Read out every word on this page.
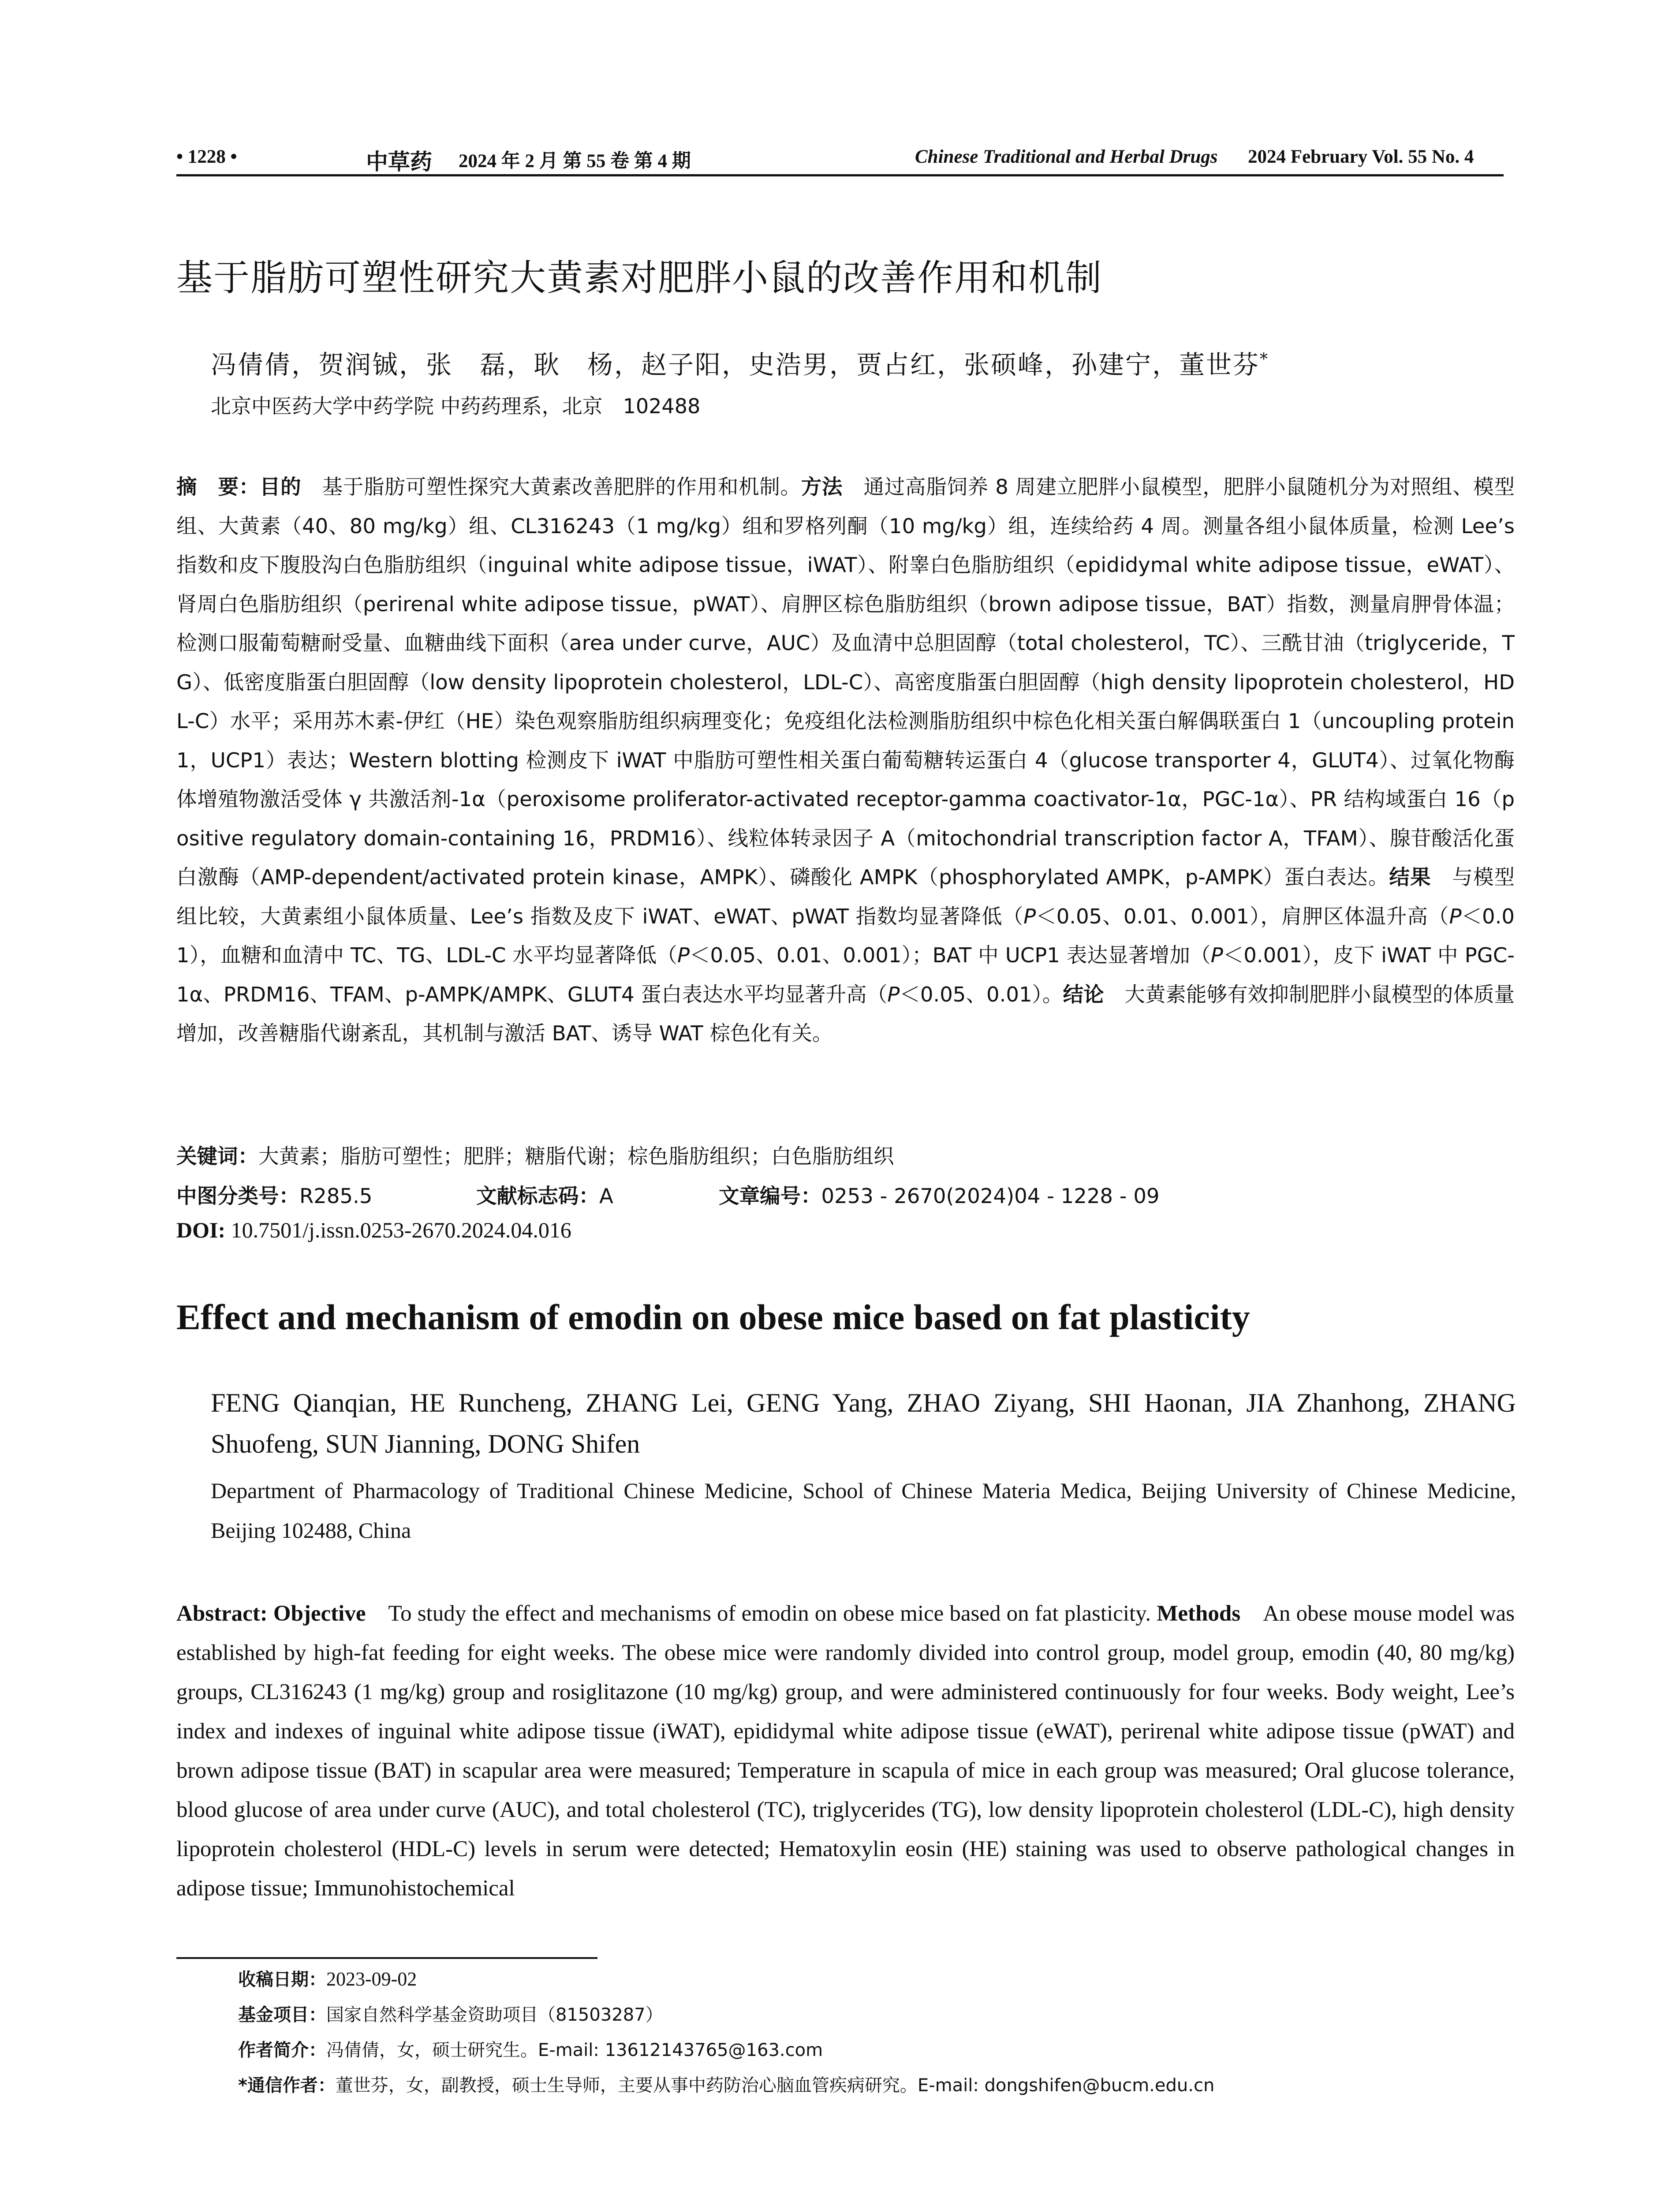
• 1228 •	中草药 2024 年 2 月 第 55 卷 第 4 期	Chinese Traditional and Herbal Drugs 2024 February Vol. 55 No. 4
基于脂肪可塑性研究大黄素对肥胖小鼠的改善作用和机制
冯倩倩，贺润铖，张　磊，耿　杨，赵子阳，史浩男，贾占红，张硕峰，孙建宁，董世芬*
北京中医药大学中药学院 中药药理系，北京　102488
摘　要：目的　 基于脂肪可塑性探究大黄素改善肥胖的作用和机制。方法　 通过高脂饲养 8 周建立肥胖小鼠模型，肥胖小鼠随机分为对照组、模型组、大黄素（40、80 mg/kg）组、CL316243（1 mg/kg）组和罗格列酮（10 mg/kg）组，连续给药 4 周。测量各组小鼠体质量，检测 Lee’s 指数和皮下腹股沟白色脂肪组织（inguinal white adipose tissue，iWAT）、附睾白色脂肪组织（epididymal white adipose tissue，eWAT）、肾周白色脂肪组织（perirenal white adipose tissue，pWAT）、肩胛区棕色脂肪组织（brown adipose tissue，BAT）指数，测量肩胛骨体温；检测口服葡萄糖耐受量、血糖曲线下面积（area under curve，AUC）及血清中总胆固醇（total cholesterol，TC）、三酰甘油（triglyceride，TG）、低密度脂蛋白胆固醇（low density lipoprotein cholesterol，LDL-C）、高密度脂蛋白胆固醇（high density lipoprotein cholesterol，HDL-C）水平；采用苏木素-伊红（HE）染色观察脂肪组织病理变化；免疫组化法检测脂肪组织中棕色化相关蛋白解偶联蛋白 1（uncoupling protein 1，UCP1）表达；Western blotting 检测皮下 iWAT 中脂肪可塑性相关蛋白葡萄糖转运蛋白 4（glucose transporter 4，GLUT4）、过氧化物酶体增殖物激活受体 γ 共激活剂-1α（peroxisome proliferator-activated receptor-gamma coactivator-1α，PGC-1α）、PR 结构域蛋白 16（positive regulatory domain-containing 16，PRDM16）、线粒体转录因子 A（mitochondrial transcription factor A，TFAM）、腺苷酸活化蛋白激酶（AMP-dependent/activated protein kinase，AMPK）、磷酸化 AMPK（phosphorylated AMPK，p-AMPK）蛋白表达。结果　 与模型组比较，大黄素组小鼠体质量、Lee’s 指数及皮下 iWAT、eWAT、pWAT 指数均显著降低（P＜0.05、0.01、0.001），肩胛区体温升高（P＜0.01），血糖和血清中 TC、TG、LDL-C 水平均显著降低（P＜0.05、0.01、0.001）；BAT 中 UCP1 表达显著增加（P＜0.001），皮下 iWAT 中 PGC-1α、PRDM16、TFAM、p-AMPK/AMPK、GLUT4 蛋白表达水平均显著升高（P＜0.05、0.01）。结论　 大黄素能够有效抑制肥胖小鼠模型的体质量增加，改善糖脂代谢紊乱，其机制与激活 BAT、诱导 WAT 棕色化有关。
关键词：大黄素；脂肪可塑性；肥胖；糖脂代谢；棕色脂肪组织；白色脂肪组织
中图分类号：R285.5	文献标志码：A	文章编号：0253 - 2670(2024)04 - 1228 - 09
DOI: 10.7501/j.issn.0253-2670.2024.04.016
Effect and mechanism of emodin on obese mice based on fat plasticity
FENG Qianqian, HE Runcheng, ZHANG Lei, GENG Yang, ZHAO Ziyang, SHI Haonan, JIA Zhanhong, ZHANG Shuofeng, SUN Jianning, DONG Shifen
Department of Pharmacology of Traditional Chinese Medicine, School of Chinese Materia Medica, Beijing University of Chinese Medicine, Beijing 102488, China
Abstract: Objective  To study the effect and mechanisms of emodin on obese mice based on fat plasticity. Methods  An obese mouse model was established by high-fat feeding for eight weeks. The obese mice were randomly divided into control group, model group, emodin (40, 80 mg/kg) groups, CL316243 (1 mg/kg) group and rosiglitazone (10 mg/kg) group, and were administered continuously for four weeks. Body weight, Lee’s index and indexes of inguinal white adipose tissue (iWAT), epididymal white adipose tissue (eWAT), perirenal white adipose tissue (pWAT) and brown adipose tissue (BAT) in scapular area were measured; Temperature in scapula of mice in each group was measured; Oral glucose tolerance, blood glucose of area under curve (AUC), and total cholesterol (TC), triglycerides (TG), low density lipoprotein cholesterol (LDL-C), high density lipoprotein cholesterol (HDL-C) levels in serum were detected; Hematoxylin eosin (HE) staining was used to observe pathological changes in adipose tissue; Immunohistochemical
收稿日期：2023-09-02
基金项目：国家自然科学基金资助项目（81503287）
作者简介：冯倩倩，女，硕士研究生。E-mail: 13612143765@163.com
*通信作者：董世芬，女，副教授，硕士生导师，主要从事中药防治心脑血管疾病研究。E-mail: dongshifen@bucm.edu.cn
